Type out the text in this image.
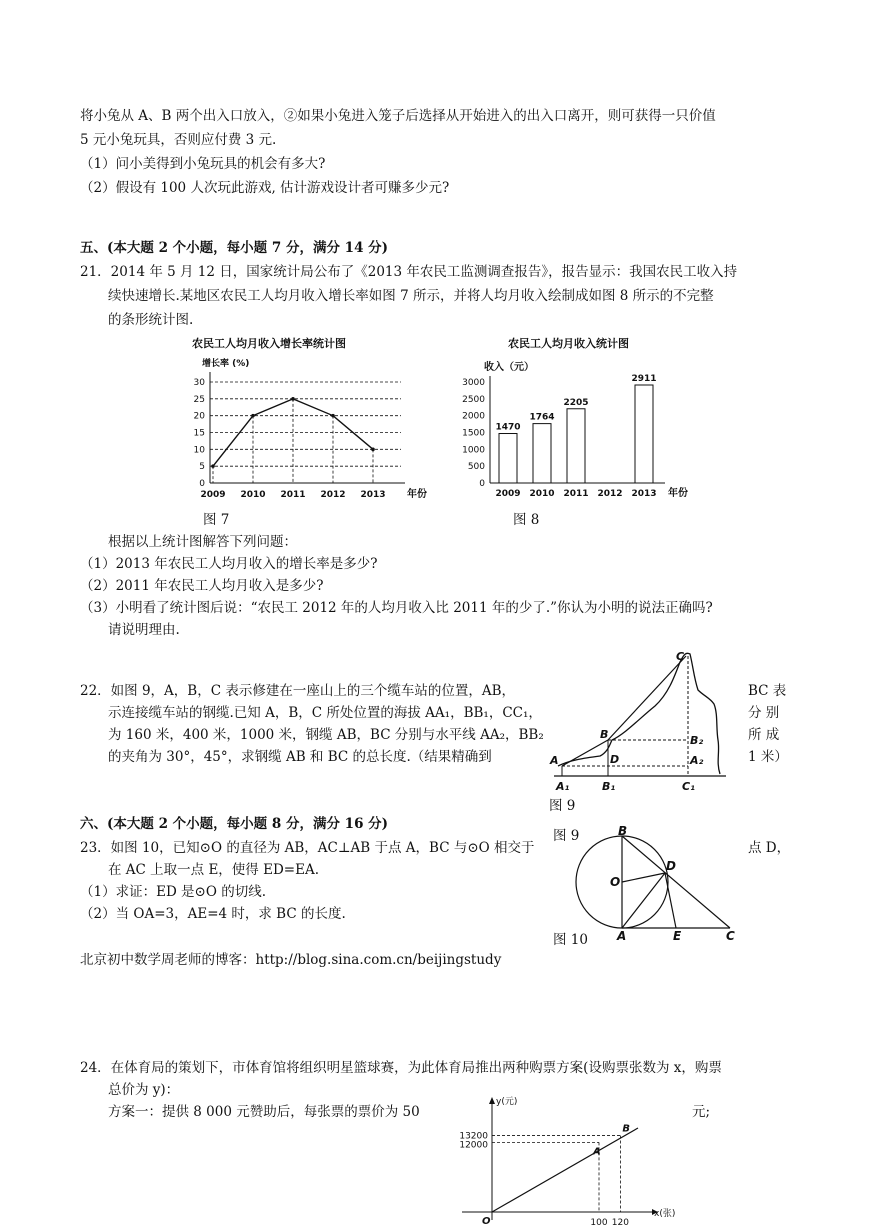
将小兔从 A、B 两个出入口放入，②如果小兔进入笼子后选择从开始进入的出入口离开，则可获得一只价值
5 元小兔玩具，否则应付费 3 元.
（1）问小美得到小兔玩具的机会有多大?
（2）假设有 100 人次玩此游戏, 估计游戏设计者可赚多少元?
五、(本大题 2 个小题，每小题 7 分，满分 14 分)
21．2014 年 5 月 12 日，国家统计局公布了《2013 年农民工监测调查报告》，报告显示：我国农民工收入持
续快速增长.某地区农民工人均月收入增长率如图 7 所示，并将人均月收入绘制成如图 8 所示的不完整
的条形统计图.
农民工人均月收入增长率统计图
增长率 (%)
0
5
10
15
20
25
30
2009 2010 2011 2012 2013 年份
农民工人均月收入统计图
收入（元）
0
500
1000
1500
2000
2500
3000
1470
1764
2205
2911
2009 2010 2011 2012 2013 年份
图 7	图 8
根据以上统计图解答下列问题：
（1）2013 年农民工人均月收入的增长率是多少?
（2）2011 年农民工人均月收入是多少?
（3）小明看了统计图后说：“农民工 2012 年的人均月收入比 2011 年的少了.”你认为小明的说法正确吗?
请说明理由.
22．如图 9，A，B，C 表示修建在一座山上的三个缆车站的位置，AB，	BC 表
示连接缆车站的钢缆.已知 A，B，C 所处位置的海拔 AA₁，BB₁，CC₁，	分 别
为 160 米，400 米，1000 米，钢缆 AB，BC 分别与水平线 AA₂，BB₂	所 成
的夹角为 30°，45°，求钢缆 AB 和 BC 的总长度.（结果精确到	1 米）
A
B
C
D
A₁	B₁	C₁
A₂
B₂
图 9
六、(本大题 2 个小题，每小题 8 分，满分 16 分)
图 9
23．如图 10，已知⊙O 的直径为 AB，AC⊥AB 于点 A，BC 与⊙O 相交于	点 D，
在 AC 上取一点 E，使得 ED=EA.
（1）求证：ED 是⊙O 的切线.
（2）当 OA=3，AE=4 时，求 BC 的长度.
B
D
O
A	E	C
图 10
北京初中数学周老师的博客：http://blog.sina.com.cn/beijingstudy
24．在体育局的策划下，市体育馆将组织明星篮球赛，为此体育局推出两种购票方案(设购票张数为 x，购票
总价为 y)：
方案一：提供 8 000 元赞助后，每张票的票价为 50	元;
y(元)
x(张)
O
A
100
B
120
13200
12000
